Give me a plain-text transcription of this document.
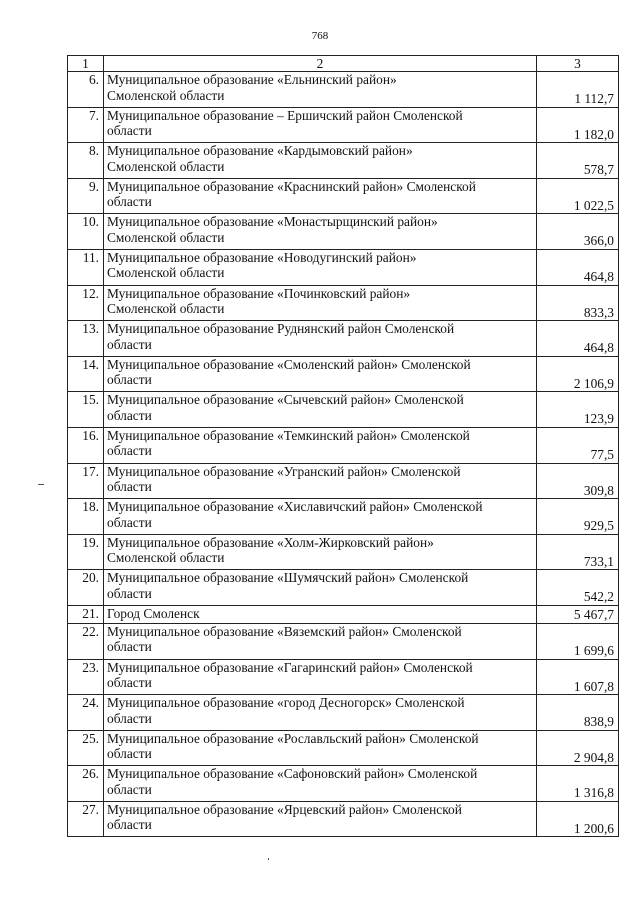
768
1	2	3
6.	Муниципальное образование «Ельнинский район»
Смоленской области	1 112,7
7.	Муниципальное образование – Ершичский район Смоленской
области	1 182,0
8.	Муниципальное образование «Кардымовский район»
Смоленской области	578,7
9.	Муниципальное образование «Краснинский район» Смоленской
области	1 022,5
10.	Муниципальное образование «Монастырщинский район»
Смоленской области	366,0
11.	Муниципальное образование «Новодугинский район»
Смоленской области	464,8
12.	Муниципальное образование «Починковский район»
Смоленской области	833,3
13.	Муниципальное образование Руднянский район Смоленской
области	464,8
14.	Муниципальное образование «Смоленский район» Смоленской
области	2 106,9
15.	Муниципальное образование «Сычевский район» Смоленской
области	123,9
16.	Муниципальное образование «Темкинский район» Смоленской
области	77,5
17.	Муниципальное образование «Угранский район» Смоленской
области	309,8
18.	Муниципальное образование «Хиславичский район» Смоленской
области	929,5
19.	Муниципальное образование «Холм-Жирковский район»
Смоленской области	733,1
20.	Муниципальное образование «Шумячский район» Смоленской
области	542,2
21.	Город Смоленск	5 467,7
22.	Муниципальное образование «Вяземский район» Смоленской
области	1 699,6
23.	Муниципальное образование «Гагаринский район» Смоленской
области	1 607,8
24.	Муниципальное образование «город Десногорск» Смоленской
области	838,9
25.	Муниципальное образование «Рославльский район» Смоленской
области	2 904,8
26.	Муниципальное образование «Сафоновский район» Смоленской
области	1 316,8
27.	Муниципальное образование «Ярцевский район» Смоленской
области	1 200,6
